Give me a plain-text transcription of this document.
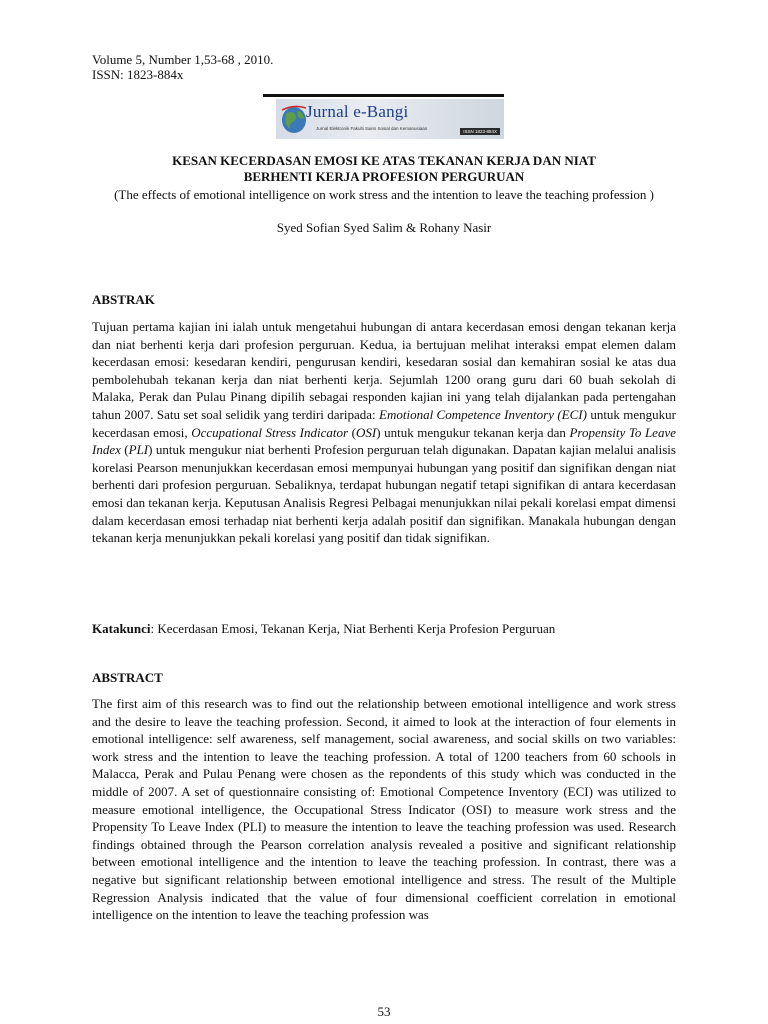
Volume 5, Number 1,53-68 , 2010.
ISSN: 1823-884x
Jurnal e-Bangi
Jurnal Elektronik Fakulti Sains Sosial dan Kemanusiaan
ISSN 1823-884X
KESAN KECERDASAN EMOSI KE ATAS TEKANAN KERJA DAN NIAT
BERHENTI KERJA PROFESION PERGURUAN
(The effects of emotional intelligence on work stress and the intention to leave the teaching profession )
Syed Sofian Syed Salim & Rohany Nasir
ABSTRAK
Tujuan pertama kajian ini ialah untuk mengetahui hubungan di antara kecerdasan emosi dengan tekanan kerja dan niat berhenti kerja dari profesion perguruan. Kedua, ia bertujuan melihat interaksi empat elemen dalam kecerdasan emosi: kesedaran kendiri, pengurusan kendiri, kesedaran sosial dan kemahiran sosial ke atas dua pembolehubah tekanan kerja dan niat berhenti kerja. Sejumlah 1200 orang guru dari 60 buah sekolah di Malaka, Perak dan Pulau Pinang dipilih sebagai responden kajian ini yang telah dijalankan pada pertengahan tahun 2007. Satu set soal selidik yang terdiri daripada: Emotional Competence Inventory (ECI) untuk mengukur kecerdasan emosi, Occupational Stress Indicator (OSI) untuk mengukur tekanan kerja dan Propensity To Leave Index (PLI) untuk mengukur niat berhenti Profesion perguruan telah digunakan. Dapatan kajian melalui analisis korelasi Pearson menunjukkan kecerdasan emosi mempunyai hubungan yang positif dan signifikan dengan niat berhenti dari profesion perguruan. Sebaliknya, terdapat hubungan negatif tetapi signifikan di antara kecerdasan emosi dan tekanan kerja. Keputusan Analisis Regresi Pelbagai menunjukkan nilai pekali korelasi empat dimensi dalam kecerdasan emosi terhadap niat berhenti kerja adalah positif dan signifikan. Manakala hubungan dengan tekanan kerja menunjukkan pekali korelasi yang positif dan tidak signifikan.
Katakunci: Kecerdasan Emosi, Tekanan Kerja, Niat Berhenti Kerja Profesion Perguruan
ABSTRACT
The first aim of this research was to find out the relationship between emotional intelligence and work stress and the desire to leave the teaching profession. Second, it aimed to look at the interaction of four elements in emotional intelligence: self awareness, self management, social awareness, and social skills on two variables: work stress and the intention to leave the teaching profession. A total of 1200 teachers from 60 schools in Malacca, Perak and Pulau Penang were chosen as the repondents of this study which was conducted in the middle of 2007. A set of questionnaire consisting of: Emotional Competence Inventory (ECI) was utilized to measure emotional intelligence, the Occupational Stress Indicator (OSI) to measure work stress and the Propensity To Leave Index (PLI) to measure the intention to leave the teaching profession was used. Research findings obtained through the Pearson correlation analysis revealed a positive and significant relationship between emotional intelligence and the intention to leave the teaching profession. In contrast, there was a negative but significant relationship between emotional intelligence and stress. The result of the Multiple Regression Analysis indicated that the value of four dimensional coefficient correlation in emotional intelligence on the intention to leave the teaching profession was
53
